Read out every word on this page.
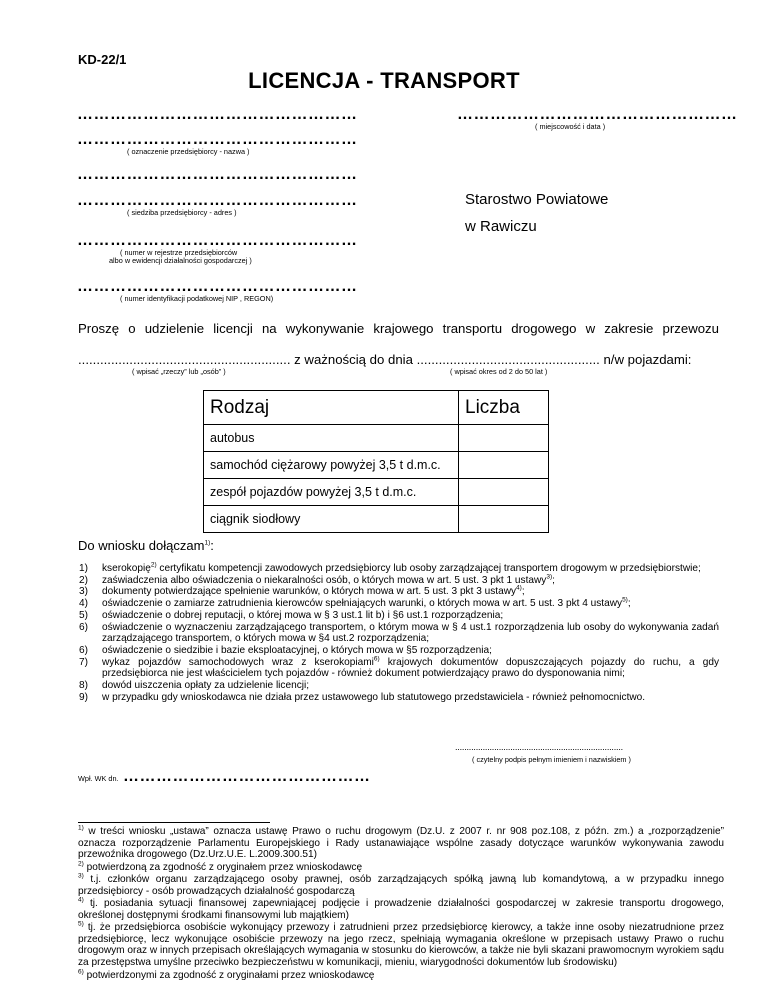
KD-22/1
LICENCJA - TRANSPORT
……………………………………………
……………………………………………
( oznaczenie przedsiębiorcy - nazwa )
……………………………………………
……………………………………………
( siedziba przedsiębiorcy - adres )
……………………………………………
( numer w rejestrze przedsiębiorców
albo w ewidencji działalności gospodarczej )
……………………………………………
( numer identyfikacji podatkowej NIP , REGON)
……………………………………………
( miejscowość i data )
Starostwo Powiatowe
w Rawiczu
Proszę o udzielenie licencji na wykonywanie krajowego transportu drogowego w zakresie przewozu
.......................................................... z ważnością do dnia .................................................. n/w pojazdami:
( wpisać „rzeczy” lub „osób” )	( wpisać okres od 2 do 50 lat )
Rodzaj	Liczba
autobus	
samochód ciężarowy powyżej 3,5 t d.m.c.	
zespół pojazdów powyżej 3,5 t d.m.c.	
ciągnik siodłowy	
Do wniosku dołączam$^{1)}$:
1) kserokopię$^{2)}$ certyfikatu kompetencji zawodowych przedsiębiorcy lub osoby zarządzającej transportem drogowym w przedsiębiorstwie;
2) zaświadczenia albo oświadczenia o niekaralności osób, o których mowa w art. 5 ust. 3 pkt 1 ustawy$^{3)}$;
3) dokumenty potwierdzające spełnienie warunków, o których mowa w art. 5 ust. 3 pkt 3 ustawy$^{4)}$;
4) oświadczenie o zamiarze zatrudnienia kierowców spełniających warunki, o których mowa w art. 5 ust. 3 pkt 4 ustawy$^{5)}$;
5) oświadczenie o dobrej reputacji, o której mowa w § 3 ust.1 lit b) i §6 ust.1 rozporządzenia;
6) oświadczenie o wyznaczeniu zarządzającego transportem, o którym mowa w § 4 ust.1 rozporządzenia lub osoby do wykonywania zadań zarządzającego transportem, o których mowa w §4 ust.2 rozporządzenia;
6) oświadczenie o siedzibie i bazie eksploatacyjnej, o których mowa w §5 rozporządzenia;
7) wykaz pojazdów samochodowych wraz z kserokopiami$^{6)}$ krajowych dokumentów dopuszczających pojazdy do ruchu, a gdy przedsiębiorca nie jest właścicielem tych pojazdów - również dokument potwierdzający prawo do dysponowania nimi;
8) dowód uiszczenia opłaty za udzielenie licencji;
9) w przypadku gdy wnioskodawca nie działa przez ustawowego lub statutowego przedstawiciela - również pełnomocnictwo.
.........................................................................
( czytelny podpis pełnym imieniem i nazwiskiem )
Wpł. WK dn. ………………………………………
$^{1)}$ w treści wniosku „ustawa” oznacza ustawę Prawo o ruchu drogowym (Dz.U. z 2007 r. nr 908 poz.108, z późn. zm.) a „rozporządzenie” oznacza rozporządzenie Parlamentu Europejskiego i Rady ustanawiające wspólne zasady dotyczące warunków wykonywania zawodu przewoźnika drogowego (Dz.Urz.U.E. L.2009.300.51)
$^{2)}$ potwierdzoną za zgodność z oryginałem przez wnioskodawcę
$^{3)}$ t.j. członków organu zarządzającego osoby prawnej, osób zarządzających spółką jawną lub komandytową, a w przypadku innego przedsiębiorcy - osób prowadzących działalność gospodarczą
$^{4)}$ tj. posiadania sytuacji finansowej zapewniającej podjęcie i prowadzenie działalności gospodarczej w zakresie transportu drogowego, określonej dostępnymi środkami finansowymi lub majątkiem)
$^{5)}$ tj. że przedsiębiorca osobiście wykonujący przewozy i zatrudnieni przez przedsiębiorcę kierowcy, a także inne osoby niezatrudnione przez przedsiębiorcę, lecz wykonujące osobiście przewozy na jego rzecz, spełniają wymagania określone w przepisach ustawy Prawo o ruchu drogowym oraz w innych przepisach określających wymagania w stosunku do kierowców, a także nie byli skazani prawomocnym wyrokiem sądu za przestępstwa umyślne przeciwko bezpieczeństwu w komunikacji, mieniu, wiarygodności dokumentów lub środowisku)
$^{6)}$ potwierdzonymi za zgodność z oryginałami przez wnioskodawcę
